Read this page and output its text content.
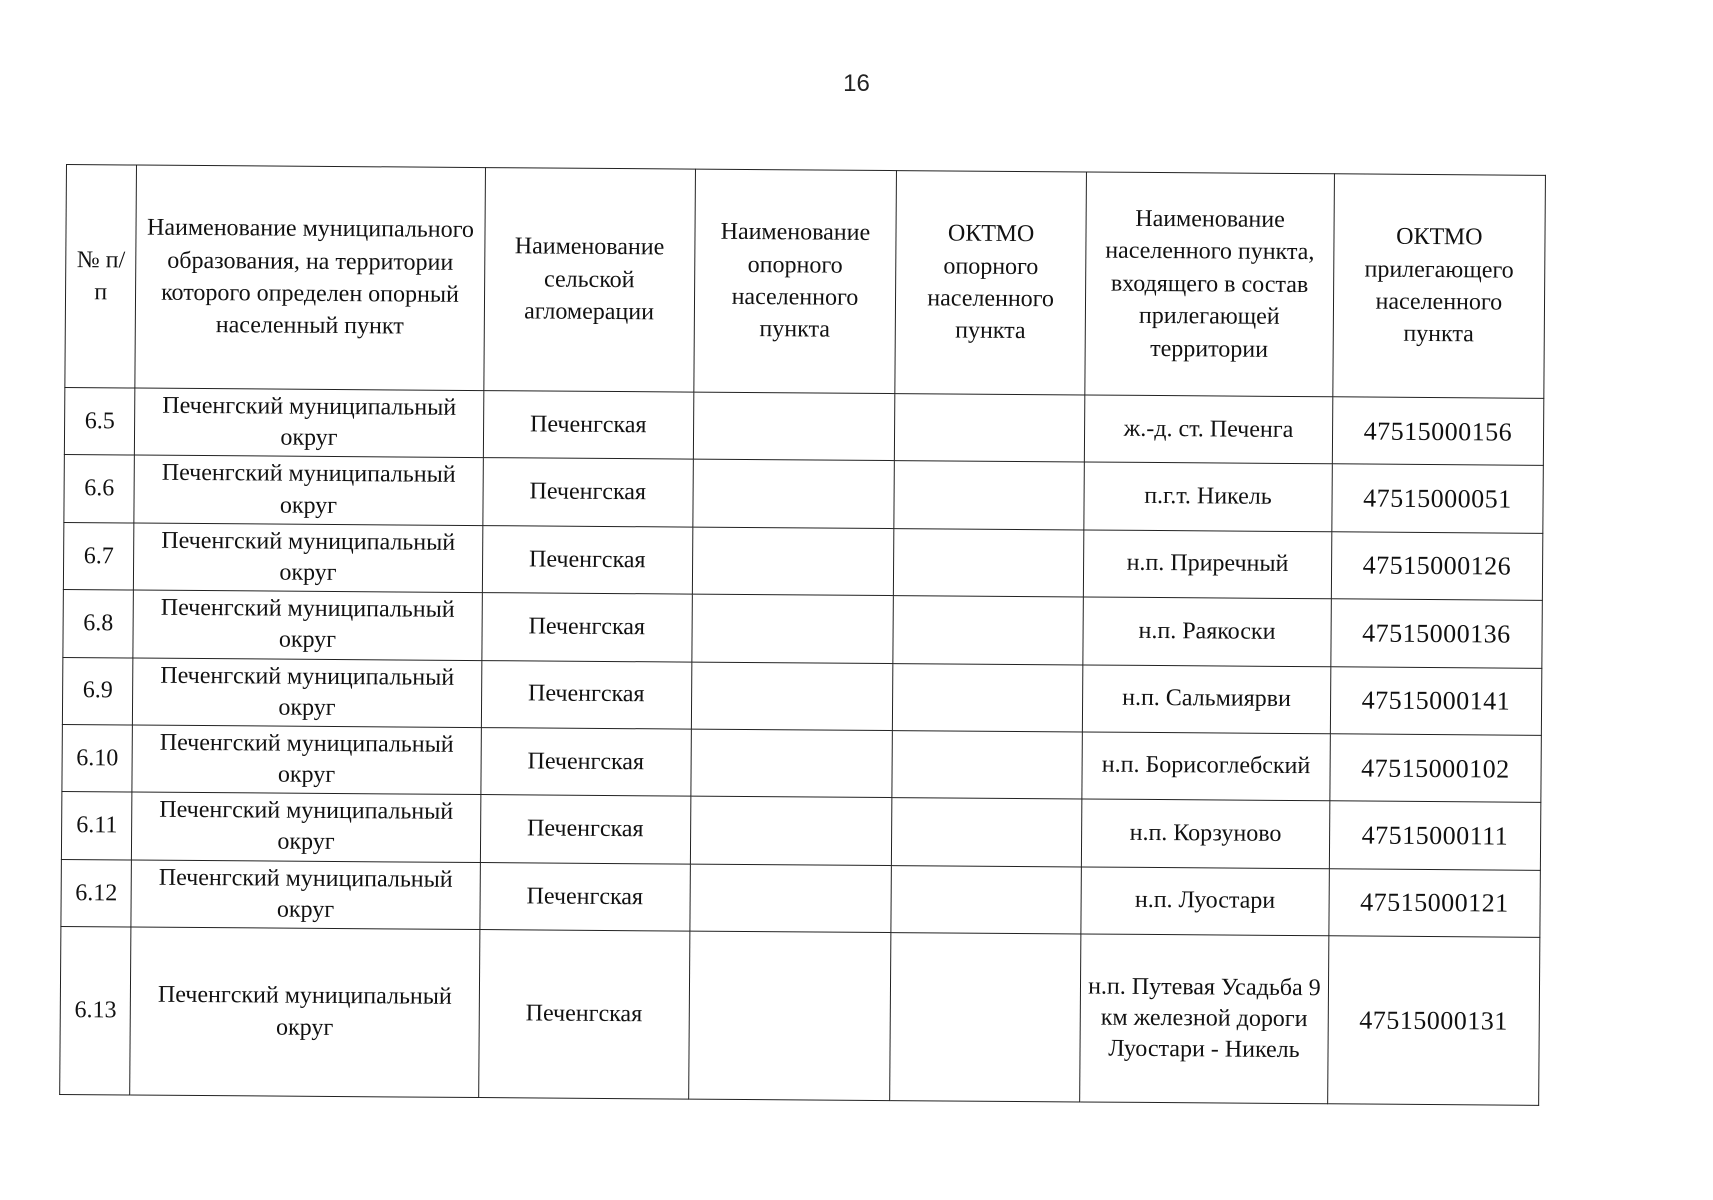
16
№ п/п	Наименование муниципального образования, на территории которого определен опорный населенный пункт	Наименование сельской агломерации	Наименование опорного населенного пункта	ОКТМО опорного населенного пункта	Наименование населенного пункта, входящего в состав прилегающей территории	ОКТМО прилегающего населенного пункта
6.5	Печенгский муниципальный округ	Печенгская			ж.-д. ст. Печенга	47515000156
6.6	Печенгский муниципальный округ	Печенгская			п.г.т. Никель	47515000051
6.7	Печенгский муниципальный округ	Печенгская			н.п. Приречный	47515000126
6.8	Печенгский муниципальный округ	Печенгская			н.п. Раякоски	47515000136
6.9	Печенгский муниципальный округ	Печенгская			н.п. Сальмиярви	47515000141
6.10	Печенгский муниципальный округ	Печенгская			н.п. Борисоглебский	47515000102
6.11	Печенгский муниципальный округ	Печенгская			н.п. Корзуново	47515000111
6.12	Печенгский муниципальный округ	Печенгская			н.п. Луостари	47515000121
6.13	Печенгский муниципальный округ	Печенгская			н.п. Путевая Усадьба 9 км железной дороги Луостари - Никель	47515000131
